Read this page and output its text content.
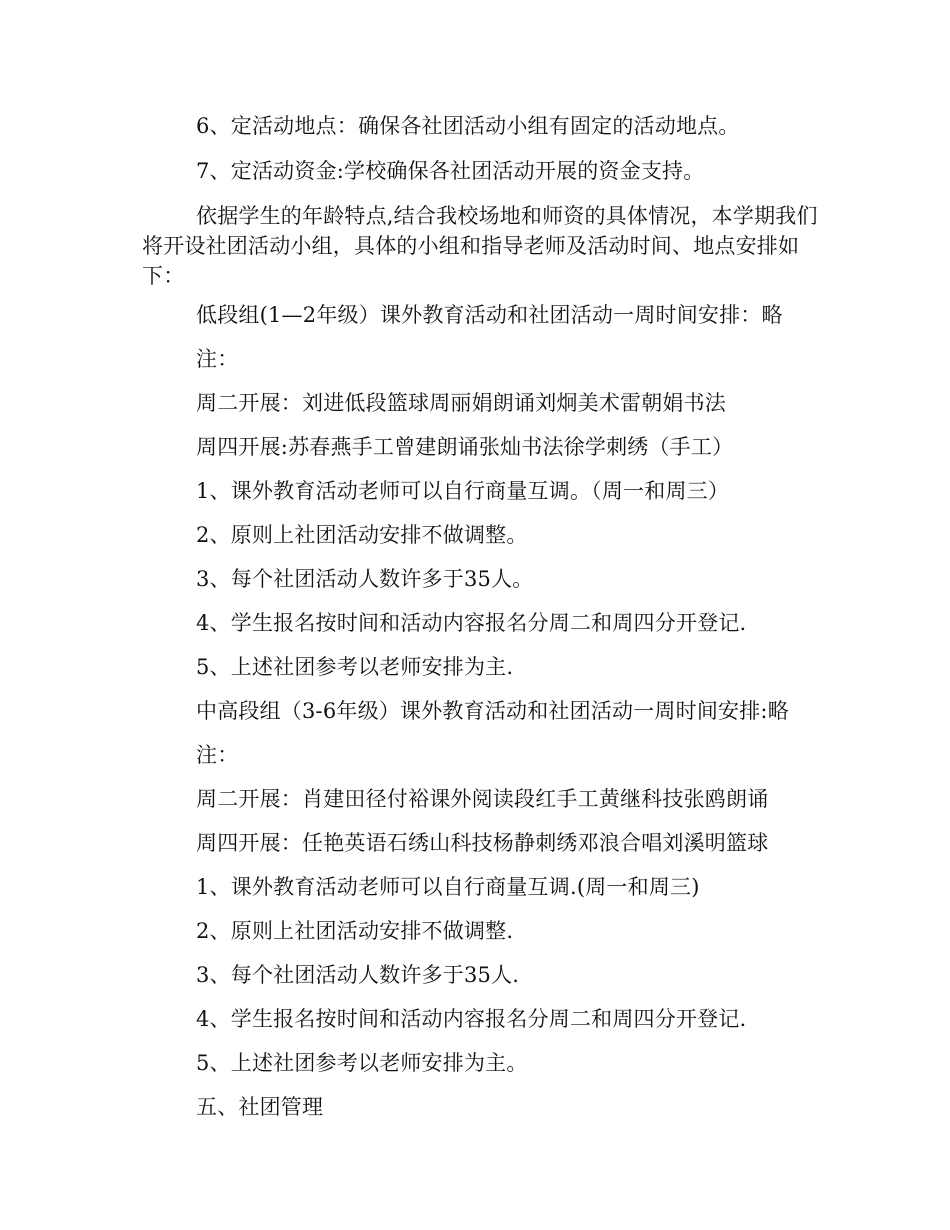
6、定活动地点：确保各社团活动小组有固定的活动地点。
7、定活动资金:学校确保各社团活动开展的资金支持。
依据学生的年龄特点,结合我校场地和师资的具体情况，本学期我们将开设社团活动小组，具体的小组和指导老师及活动时间、地点安排如下：
低段组(1—2年级）课外教育活动和社团活动一周时间安排：略
注：
周二开展：刘进低段篮球周丽娟朗诵刘炯美术雷朝娟书法
周四开展:苏春燕手工曾建朗诵张灿书法徐学刺绣（手工）
1、课外教育活动老师可以自行商量互调。（周一和周三）
2、原则上社团活动安排不做调整。
3、每个社团活动人数许多于35人。
4、学生报名按时间和活动内容报名分周二和周四分开登记.
5、上述社团参考以老师安排为主.
中高段组（3-6年级）课外教育活动和社团活动一周时间安排:略
注：
周二开展：肖建田径付裕课外阅读段红手工黄继科技张鸥朗诵
周四开展：任艳英语石绣山科技杨静刺绣邓浪合唱刘溪明篮球
1、课外教育活动老师可以自行商量互调.(周一和周三)
2、原则上社团活动安排不做调整.
3、每个社团活动人数许多于35人.
4、学生报名按时间和活动内容报名分周二和周四分开登记.
5、上述社团参考以老师安排为主。
五、社团管理
